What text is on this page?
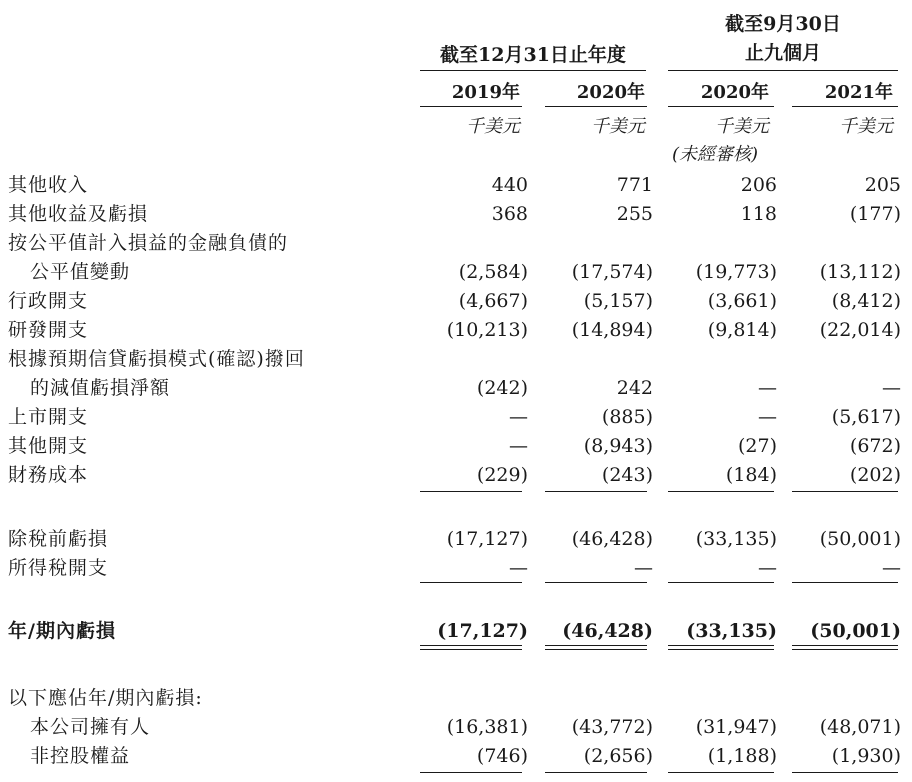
截至12月31日止年度
截至9月30日
止九個月
2019年	2020年	2020年	2021年
千美元	千美元	千美元	千美元
(未經審核)
其他收入	440	771	206	205
其他收益及虧損	368	255	118	(177)
按公平值計入損益的金融負債的
公平值變動	(2,584)	(17,574)	(19,773)	(13,112)
行政開支	(4,667)	(5,157)	(3,661)	(8,412)
研發開支	(10,213)	(14,894)	(9,814)	(22,014)
根據預期信貸虧損模式(確認)撥回
的減值虧損淨額	(242)	242	—	—
上市開支	—	(885)	—	(5,617)
其他開支	—	(8,943)	(27)	(672)
財務成本	(229)	(243)	(184)	(202)
除稅前虧損	(17,127)	(46,428)	(33,135)	(50,001)
所得稅開支	—	—	—	—
年/期內虧損	(17,127)	(46,428)	(33,135)	(50,001)
以下應佔年/期內虧損:
本公司擁有人	(16,381)	(43,772)	(31,947)	(48,071)
非控股權益	(746)	(2,656)	(1,188)	(1,930)
